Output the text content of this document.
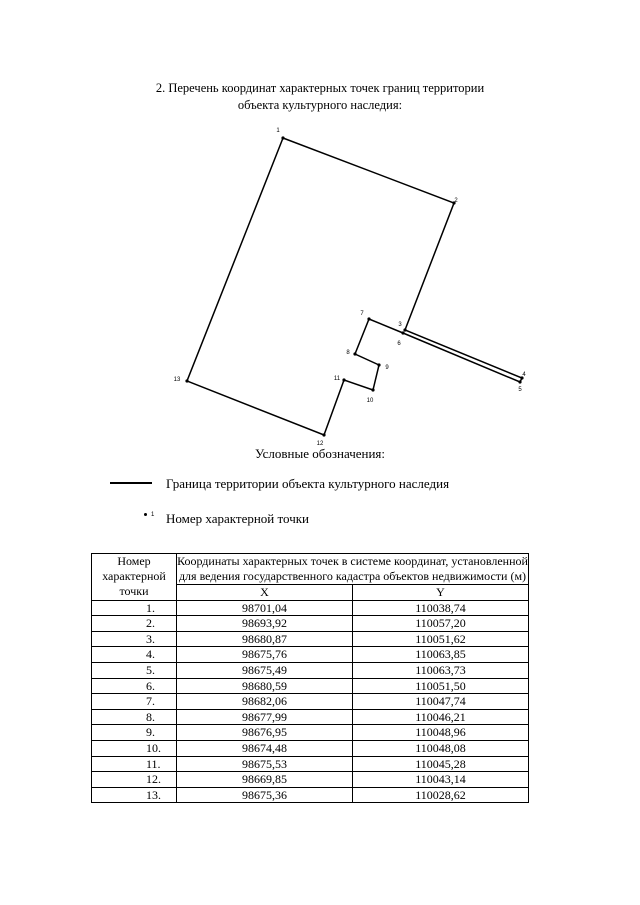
2. Перечень координат характерных точек границ территории
объекта культурного наследия:
1
2
3
4
5
6
7
8
9
10
11
12
13
Условные обозначения:
Граница территории объекта культурного наследия
1 Номер характерной точки
Номер характерной точки	Координаты характерных точек в системе координат, установленной для ведения государственного кадастра объектов недвижимости (м)	
	X	Y
1.	98701,04	110038,74
2.	98693,92	110057,20
3.	98680,87	110051,62
4.	98675,76	110063,85
5.	98675,49	110063,73
6.	98680,59	110051,50
7.	98682,06	110047,74
8.	98677,99	110046,21
9.	98676,95	110048,96
10.	98674,48	110048,08
11.	98675,53	110045,28
12.	98669,85	110043,14
13.	98675,36	110028,62
